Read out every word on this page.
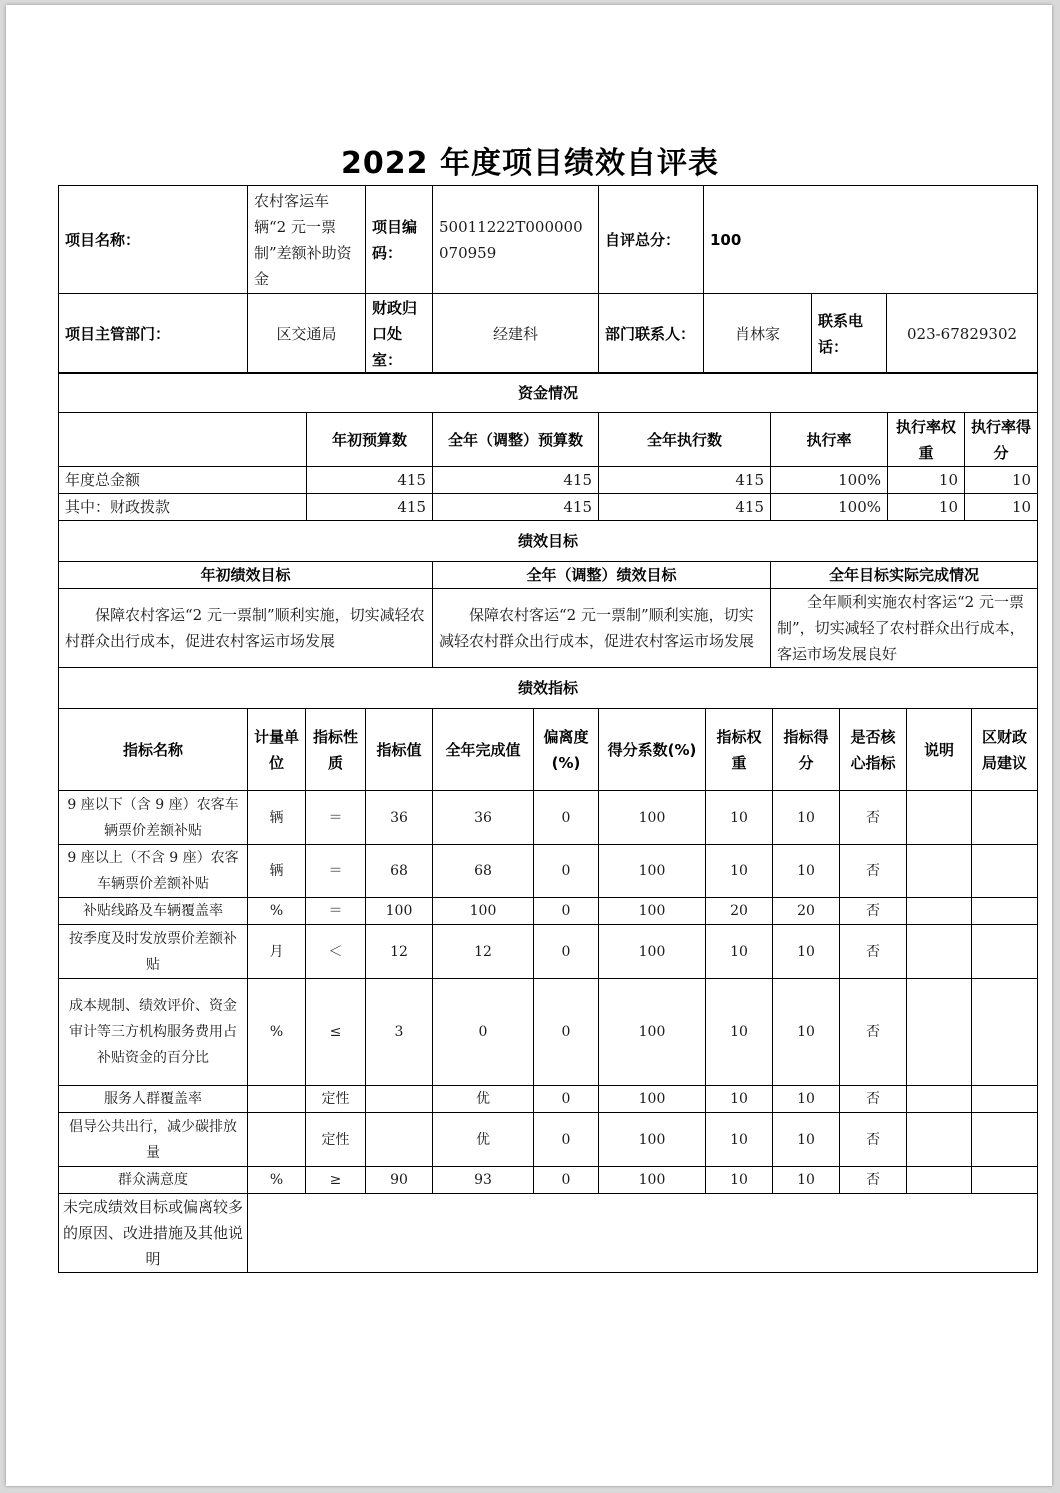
2022 年度项目绩效自评表
项目名称：	农村客运车辆“2 元一票制”差额补助资金	项目编码：	50011222T000000070959	自评总分：	100		
项目主管部门：	区交通局	财政归口处室：	经建科	部门联系人：	肖林家	联系电话：	023-67829302
资金情况						
	年初预算数	全年（调整）预算数	全年执行数	执行率	执行率权重	执行率得分
年度总金额	415	415	415	100%	10	10
其中：财政拨款	415	415	415	100%	10	10
绩效目标						
年初绩效目标		全年（调整）绩效目标		全年目标实际完成情况		
保障农村客运“2 元一票制”顺利实施，切实减轻农村群众出行成本，促进农村客运市场发展		保障农村客运“2 元一票制”顺利实施，切实减轻农村群众出行成本，促进农村客运市场发展		全年顺利实施农村客运“2 元一票制”，切实减轻了农村群众出行成本，客运市场发展良好		
绩效指标						
指标名称	计量单位	指标性质	指标值	全年完成值	偏离度(%)	得分系数(%)	指标权重	指标得分	是否核心指标	说明	区财政局建议
9 座以下（含 9 座）农客车辆票价差额补贴	辆	＝	36	36	0	100	10	10	否		
9 座以上（不含 9 座）农客车辆票价差额补贴	辆	＝	68	68	0	100	10	10	否		
补贴线路及车辆覆盖率	%	＝	100	100	0	100	20	20	否		
按季度及时发放票价差额补贴	月	＜	12	12	0	100	10	10	否		
成本规制、绩效评价、资金审计等三方机构服务费用占补贴资金的百分比	%	≤	3	0	0	100	10	10	否		
服务人群覆盖率		定性		优	0	100	10	10	否		
倡导公共出行，减少碳排放量		定性		优	0	100	10	10	否		
群众满意度	%	≥	90	93	0	100	10	10	否		
未完成绩效目标或偏离较多的原因、改进措施及其他说明											
